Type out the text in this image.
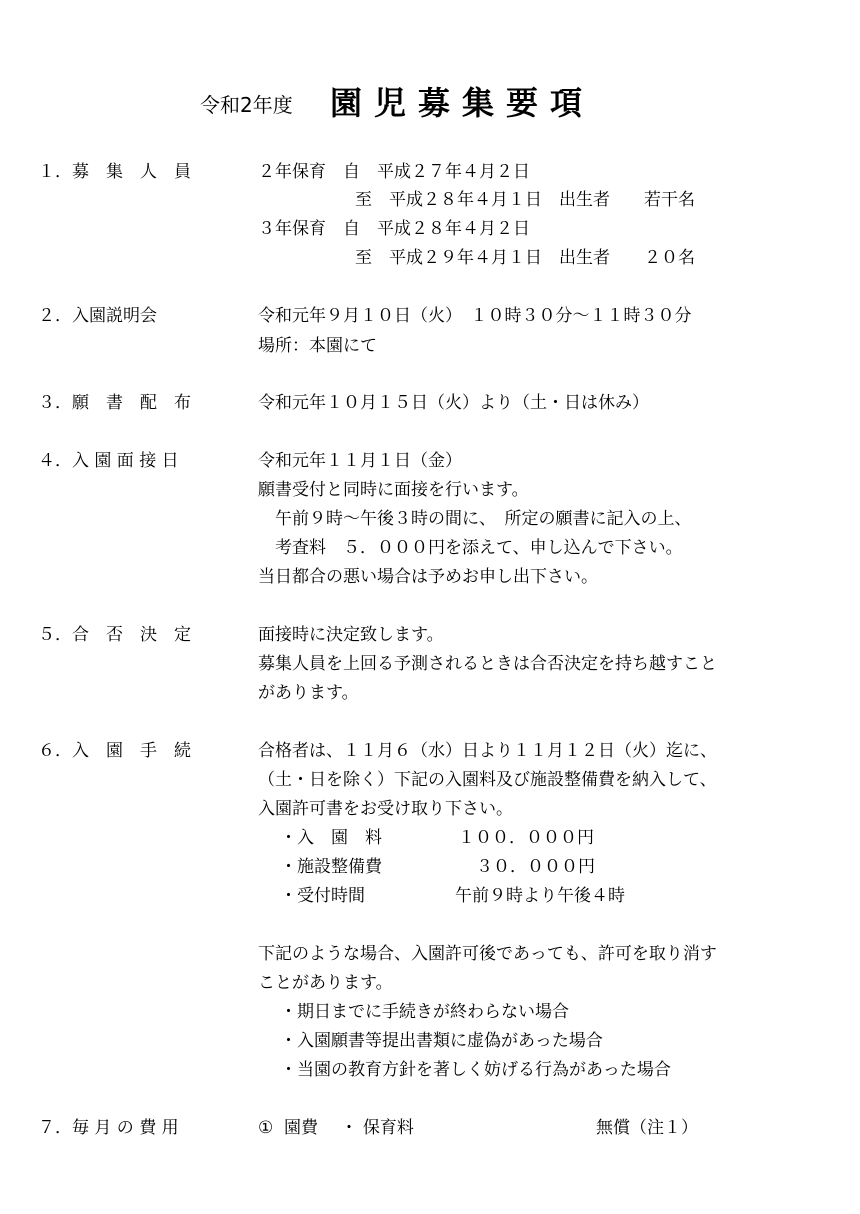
令和2年度 園児募集要項
１．募　集　人　員	２年保育　自　平成２７年４月２日
至　平成２８年４月１日　出生者　　若干名
３年保育　自　平成２８年４月２日
至　平成２９年４月１日　出生者　　２０名
２．入園説明会	令和元年９月１０日（火）　１０時３０分〜１１時３０分
場所：本園にて
３．願　書　配　布	令和元年１０月１５日（火）より（土・日は休み）
４．入 園 面 接 日	令和元年１１月１日（金）
願書受付と同時に面接を行います。
午前９時〜午後３時の間に、　所定の願書に記入の上、
考査料　５．０００円を添えて、申し込んで下さい。
当日都合の悪い場合は予めお申し出下さい。
５．合　否　決　定	面接時に決定致します。
募集人員を上回る予測されるときは合否決定を持ち越すこと
があります。
６．入　園　手　続	合格者は、１１月６（水）日より１１月１２日（火）迄に、
（土・日を除く）下記の入園料及び施設整備費を納入して、
入園許可書をお受け取り下さい。
・入　園　料	１００．０００円
・施設整備費	３０．０００円
・受付時間	午前９時より午後４時
下記のような場合、入園許可後であっても、許可を取り消す
ことがあります。
・期日までに手続きが終わらない場合
・入園願書等提出書類に虚偽があった場合
・当園の教育方針を著しく妨げる行為があった場合
７．毎 月 の 費 用	①  園費　 ・ 保育料	無償（注１）
